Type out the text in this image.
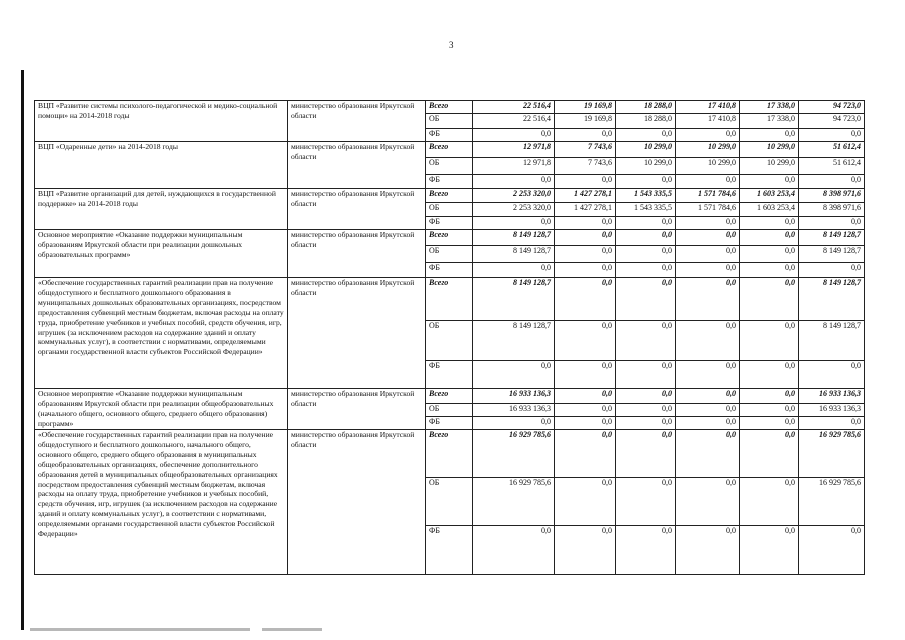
3
ВЦП «Развитие системы психолого-педагогической и медико-социальной помощи» на 2014-2018 годы	министерство образования Иркутской области	Всего	22 516,4	19 169,8	18 288,0	17 410,8	17 338,0	94 723,0
		ОБ	22 516,4	19 169,8	18 288,0	17 410,8	17 338,0	94 723,0
		ФБ	0,0	0,0	0,0	0,0	0,0	0,0
ВЦП «Одаренные дети» на 2014-2018 годы	министерство образования Иркутской области	Всего	12 971,8	7 743,6	10 299,0	10 299,0	10 299,0	51 612,4
		ОБ	12 971,8	7 743,6	10 299,0	10 299,0	10 299,0	51 612,4
		ФБ	0,0	0,0	0,0	0,0	0,0	0,0
ВЦП «Развитие организаций для детей, нуждающихся в государственной поддержке» на 2014-2018 годы	министерство образования Иркутской области	Всего	2 253 320,0	1 427 278,1	1 543 335,5	1 571 784,6	1 603 253,4	8 398 971,6
		ОБ	2 253 320,0	1 427 278,1	1 543 335,5	1 571 784,6	1 603 253,4	8 398 971,6
		ФБ	0,0	0,0	0,0	0,0	0,0	0,0
Основное мероприятие «Оказание поддержки муниципальным образованиям Иркутской области при реализации дошкольных образовательных программ»	министерство образования Иркутской области	Всего	8 149 128,7	0,0	0,0	0,0	0,0	8 149 128,7
		ОБ	8 149 128,7	0,0	0,0	0,0	0,0	8 149 128,7
		ФБ	0,0	0,0	0,0	0,0	0,0	0,0
«Обеспечение государственных гарантий реализации прав на получение общедоступного и бесплатного дошкольного образования в муниципальных дошкольных образовательных организациях, посредством предоставления субвенций местным бюджетам, включая расходы на оплату труда, приобретение учебников и учебных пособий, средств обучения, игр, игрушек (за исключением расходов на содержание зданий и оплату коммунальных услуг), в соответствии с нормативами, определяемыми органами государственной власти субъектов Российской Федерации»	министерство образования Иркутской области	Всего	8 149 128,7	0,0	0,0	0,0	0,0	8 149 128,7
		ОБ	8 149 128,7	0,0	0,0	0,0	0,0	8 149 128,7
		ФБ	0,0	0,0	0,0	0,0	0,0	0,0
Основное мероприятие «Оказание поддержки муниципальным образованиям Иркутской области при реализации общеобразовательных (начального общего, основного общего, среднего общего образования) программ»	министерство образования Иркутской области	Всего	16 933 136,3	0,0	0,0	0,0	0,0	16 933 136,3
		ОБ	16 933 136,3	0,0	0,0	0,0	0,0	16 933 136,3
		ФБ	0,0	0,0	0,0	0,0	0,0	0,0
«Обеспечение государственных гарантий реализации прав на получение общедоступного и бесплатного дошкольного, начального общего, основного общего, среднего общего образования в муниципальных общеобразовательных организациях, обеспечение дополнительного образования детей в муниципальных общеобразовательных организациях посредством предоставления субвенций местным бюджетам, включая расходы на оплату труда, приобретение учебников и учебных пособий, средств обучения, игр, игрушек (за исключением расходов на содержание зданий и оплату коммунальных услуг), в соответствии с нормативами, определяемыми органами государственной власти субъектов Российской Федерации»	министерство образования Иркутской области	Всего	16 929 785,6	0,0	0,0	0,0	0,0	16 929 785,6
		ОБ	16 929 785,6	0,0	0,0	0,0	0,0	16 929 785,6
		ФБ	0,0	0,0	0,0	0,0	0,0	0,0
